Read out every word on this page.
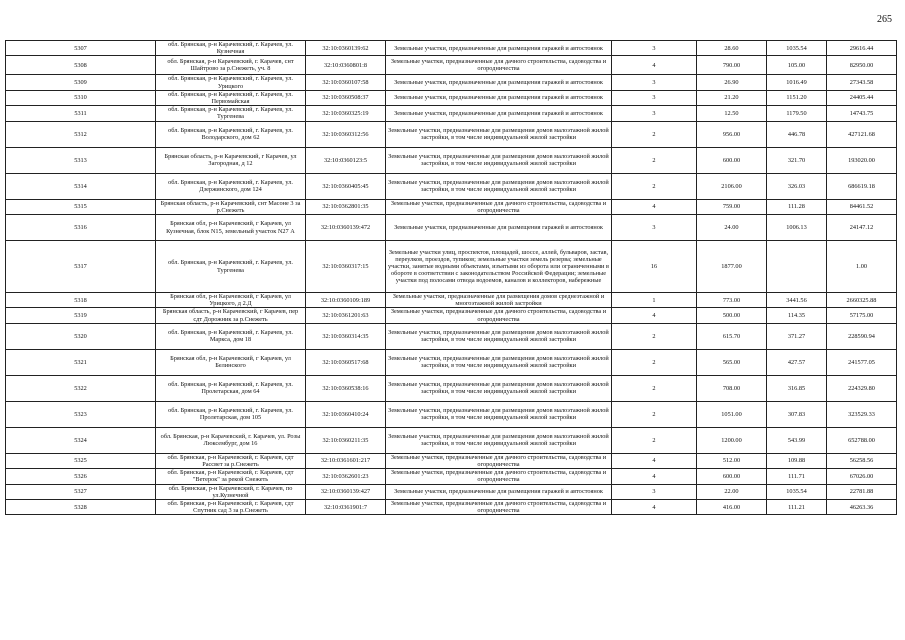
265
5307	обл. Брянская, р-н Карачевский, г. Карачев, ул. Кузнечная	32:10:0360139:62	Земельные участки, предназначенные для размещения гаражей и автостоянок	3	28.60	1035.54	29616.44
5308	обл. Брянская, р-н Карачевский, г. Карачев, снт Шайтрово за р.Снежеть, уч. 8	32:10:0360801:8	Земельные участки, предназначенные для дачного строительства, садоводства и огородничества	4	790.00	105.00	82950.00
5309	обл. Брянская, р-н Карачевский, г. Карачев, ул. Урицкого	32:10:0360107:58	Земельные участки, предназначенные для размещения гаражей и автостоянок	3	26.90	1016.49	27343.58
5310	обл. Брянская, р-н Карачевский, г. Карачев, ул. Первомайская	32:10:0360508:37	Земельные участки, предназначенные для размещения гаражей и автостоянок	3	21.20	1151.20	24405.44
5311	обл. Брянская, р-н Карачевский, г. Карачев, ул. Тургенева	32:10:0360325:19	Земельные участки, предназначенные для размещения гаражей и автостоянок	3	12.50	1179.50	14743.75
5312	обл. Брянская, р-н Карачевский, г. Карачев, ул. Володарского, дом 62	32:10:0360312:56	Земельные участки, предназначенные для размещения домов малоэтажной жилой застройки, в том числе индивидуальной жилой застройки	2	956.00	446.78	427121.68
5313	Брянская область, р-н Карачевский, г Карачев, ул Загородная, д 12	32:10:0360123:5	Земельные участки, предназначенные для размещения домов малоэтажной жилой застройки, в том числе индивидуальной жилой застройки	2	600.00	321.70	193020.00
5314	обл. Брянская, р-н Карачевский, г. Карачев, ул. Дзержинского, дом 124	32:10:0360405:45	Земельные участки, предназначенные для размещения домов малоэтажной жилой застройки, в том числе индивидуальной жилой застройки	2	2106.00	326.03	686619.18
5315	Брянская область, р-н Карачевский, снт Масоне 3 за р.Снежеть	32:10:0362801:35	Земельные участки, предназначенные для дачного строительства, садоводства и огородничества	4	759.00	111.28	84461.52
5316	Брянская обл, р-н Карачевский, г Карачев, ул Кузнечная, блок N15, земельный участок N27 А	32:10:0360139:472	Земельные участки, предназначенные для размещения гаражей и автостоянок	3	24.00	1006.13	24147.12
5317	обл. Брянская, р-н Карачевский, г. Карачев, ул. Тургенева	32:10:0360317:15	Земельные участки улиц, проспектов, площадей, шоссе, аллей, бульваров, застав, переулков, проездов, тупиков; земельные участки земель резерва; земельные участки, занятые водными объектами, изъятыми из оборота или ограниченными в обороте в соответствии с законодательством Российской Федерации; земельные участки под полосами отвода водоемов, каналов и коллекторов, набережные	16	1877.00		1.00
5318	Брянская обл, р-н Карачевский, г Карачев, ул Урицкого, д 2.Д	32:10:0360109:189	Земельные участки, предназначенные для размещения домов среднеэтажной и многоэтажной жилой застройки	1	773.00	3441.56	2660325.88
5319	Брянская область, р-н Карачевский, г Карачев, пер сдт Дорожник за р.Снежеть	32:10:0361201:63	Земельные участки, предназначенные для дачного строительства, садоводства и огородничества	4	500.00	114.35	57175.00
5320	обл. Брянская, р-н Карачевский, г. Карачев, ул. Маркса, дом 18	32:10:0360314:35	Земельные участки, предназначенные для размещения домов малоэтажной жилой застройки, в том числе индивидуальной жилой застройки	2	615.70	371.27	228590.94
5321	Брянская обл, р-н Карачевский, г Карачев, ул Белинского	32:10:0360517:68	Земельные участки, предназначенные для размещения домов малоэтажной жилой застройки, в том числе индивидуальной жилой застройки	2	565.00	427.57	241577.05
5322	обл. Брянская, р-н Карачевский, г. Карачев, ул. Пролетарская, дом 64	32:10:0360538:16	Земельные участки, предназначенные для размещения домов малоэтажной жилой застройки, в том числе индивидуальной жилой застройки	2	708.00	316.85	224329.80
5323	обл. Брянская, р-н Карачевский, г. Карачев, ул. Пролетарская, дом 105	32:10:0360410:24	Земельные участки, предназначенные для размещения домов малоэтажной жилой застройки, в том числе индивидуальной жилой застройки	2	1051.00	307.83	323529.33
5324	обл. Брянская, р-н Карачевский, г. Карачев, ул. Розы Люксембург, дом 16	32:10:0360211:35	Земельные участки, предназначенные для размещения домов малоэтажной жилой застройки, в том числе индивидуальной жилой застройки	2	1200.00	543.99	652788.00
5325	обл. Брянская, р-н Карачевский, г. Карачев, сдт Рассвет за р.Снежеть	32:10:0361601:217	Земельные участки, предназначенные для дачного строительства, садоводства и огородничества	4	512.00	109.88	56258.56
5326	обл. Брянская, р-н Карачевский, г. Карачев, сдт "Ветерок" за рекой Снежеть	32:10:0362601:23	Земельные участки, предназначенные для дачного строительства, садоводства и огородничества	4	600.00	111.71	67026.00
5327	обл. Брянская, р-н Карачевский, г. Карачев, по ул.Кузнечной	32:10:0360139:427	Земельные участки, предназначенные для размещения гаражей и автостоянок	3	22.00	1035.54	22781.88
5328	обл. Брянская, р-н Карачевский, г. Карачев, сдт Спутник сад 3 за р.Снежеть	32:10:0361901:7	Земельные участки, предназначенные для дачного строительства, садоводства и огородничества	4	416.00	111.21	46263.36
